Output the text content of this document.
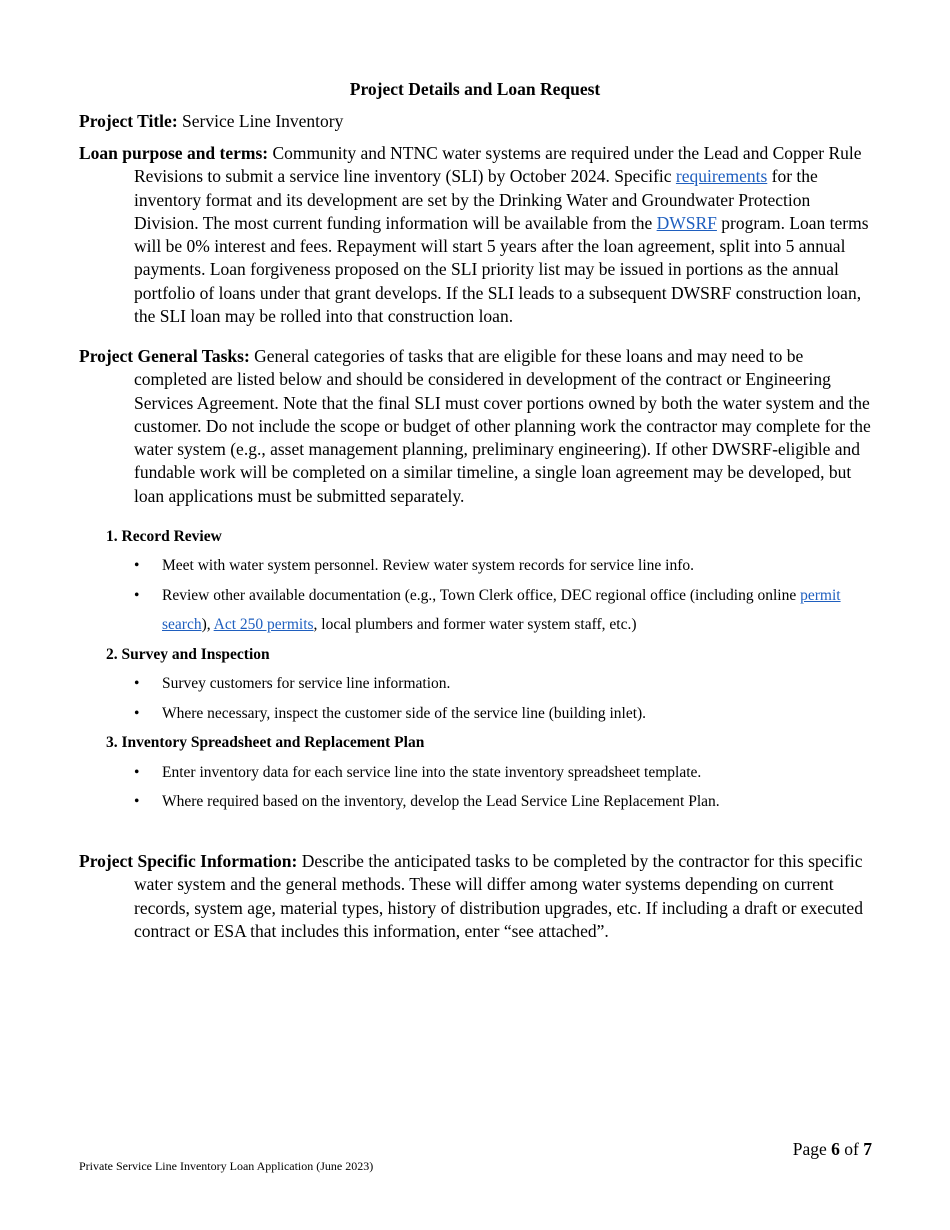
Project Details and Loan Request
Project Title: Service Line Inventory
Loan purpose and terms: Community and NTNC water systems are required under the Lead and Copper Rule Revisions to submit a service line inventory (SLI) by October 2024. Specific requirements for the inventory format and its development are set by the Drinking Water and Groundwater Protection Division. The most current funding information will be available from the DWSRF program. Loan terms will be 0% interest and fees. Repayment will start 5 years after the loan agreement, split into 5 annual payments. Loan forgiveness proposed on the SLI priority list may be issued in portions as the annual portfolio of loans under that grant develops. If the SLI leads to a subsequent DWSRF construction loan, the SLI loan may be rolled into that construction loan.
Project General Tasks: General categories of tasks that are eligible for these loans and may need to be completed are listed below and should be considered in development of the contract or Engineering Services Agreement. Note that the final SLI must cover portions owned by both the water system and the customer. Do not include the scope or budget of other planning work the contractor may complete for the water system (e.g., asset management planning, preliminary engineering). If other DWSRF-eligible and fundable work will be completed on a similar timeline, a single loan agreement may be developed, but loan applications must be submitted separately.
1. Record Review
• Meet with water system personnel. Review water system records for service line info.
• Review other available documentation (e.g., Town Clerk office, DEC regional office (including online permit search), Act 250 permits, local plumbers and former water system staff, etc.)
2. Survey and Inspection
• Survey customers for service line information.
• Where necessary, inspect the customer side of the service line (building inlet).
3. Inventory Spreadsheet and Replacement Plan
• Enter inventory data for each service line into the state inventory spreadsheet template.
• Where required based on the inventory, develop the Lead Service Line Replacement Plan.
Project Specific Information: Describe the anticipated tasks to be completed by the contractor for this specific water system and the general methods. These will differ among water systems depending on current records, system age, material types, history of distribution upgrades, etc. If including a draft or executed contract or ESA that includes this information, enter “see attached”.
Page 6 of 7
Private Service Line Inventory Loan Application (June 2023)
